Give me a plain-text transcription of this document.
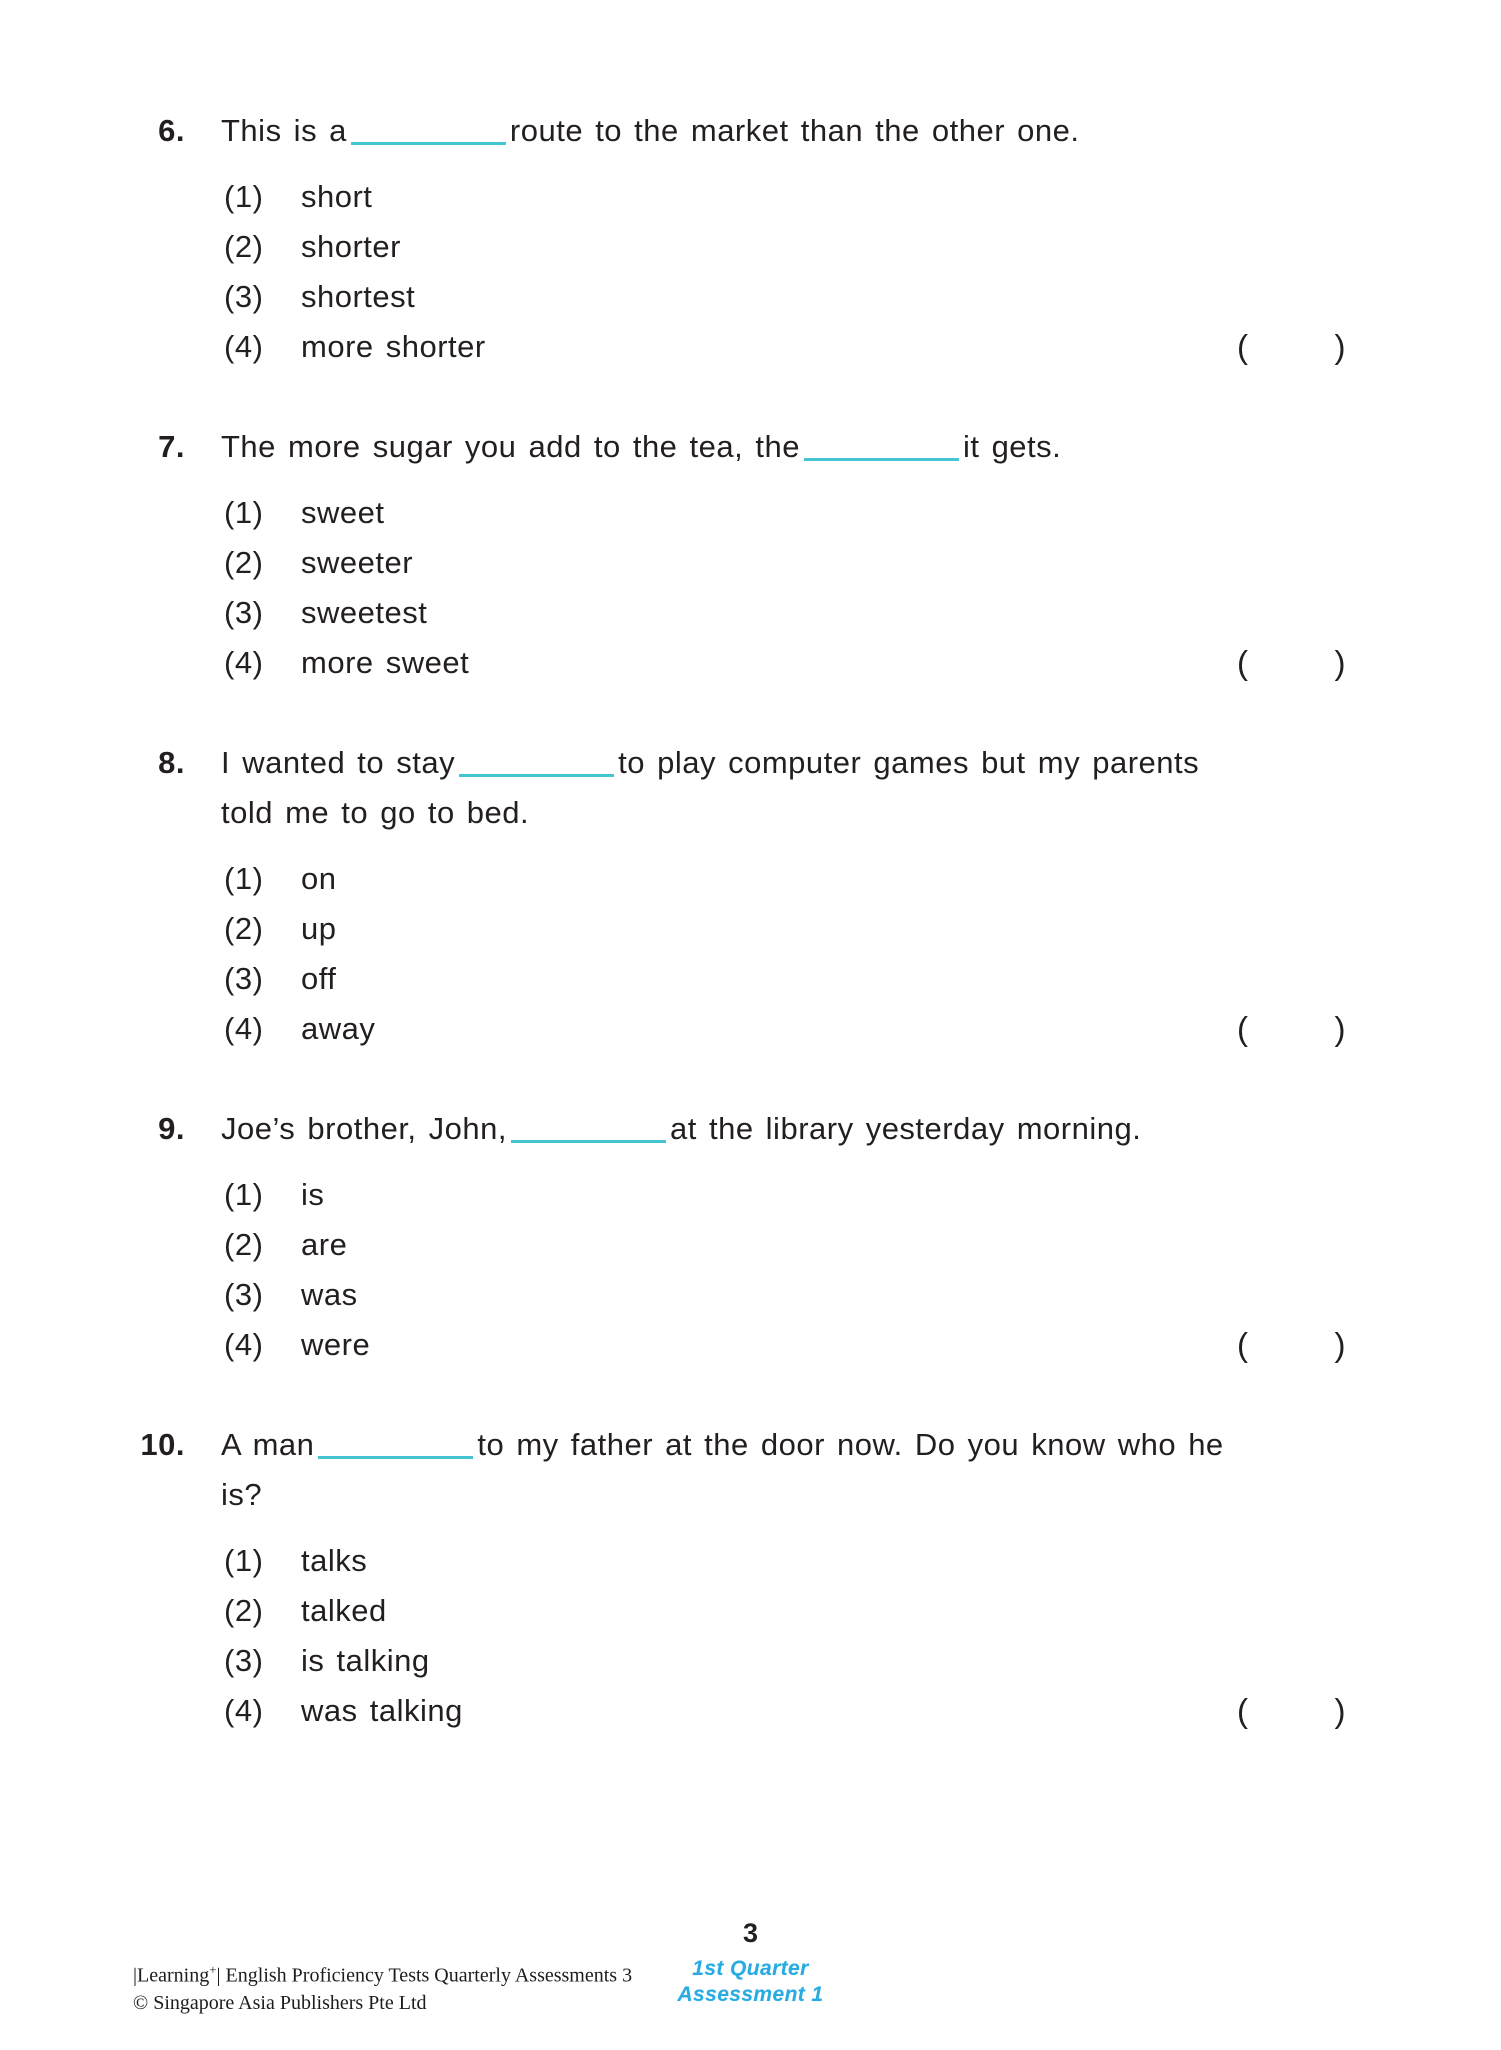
6. This is a	route to the market than the other one.
(1)	short
(2)	shorter
(3)	shortest
(4)	more shorter	(	)
7. The more sugar you add to the tea, the	it gets.
(1)	sweet
(2)	sweeter
(3)	sweetest
(4)	more sweet	(	)
8. I wanted to stay	to play computer games but my parents
told me to go to bed.
(1)	on
(2)	up
(3)	off
(4)	away	(	)
9. Joe’s brother, John,	at the library yesterday morning.
(1)	is
(2)	are
(3)	was
(4)	were	(	)
10. A man	to my father at the door now. Do you know who he
is?
(1)	talks
(2)	talked
(3)	is talking
(4)	was talking	(	)
3
|Learning+| English Proficiency Tests Quarterly Assessments 3
© Singapore Asia Publishers Pte Ltd
1st Quarter
Assessment 1
